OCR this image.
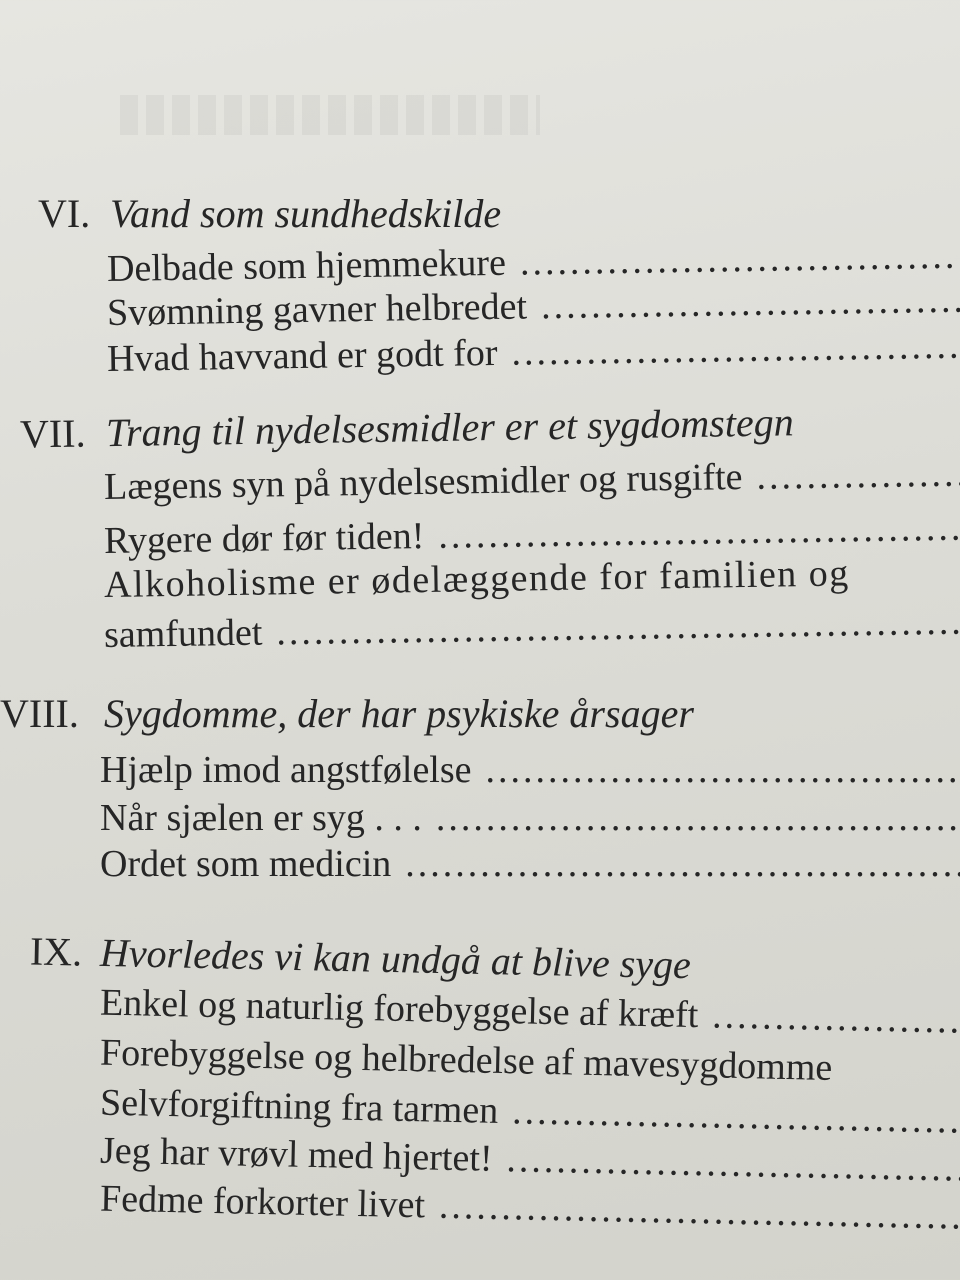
VI. Vand som sundhedskilde
Delbade som hjemmekure
.....
Svømning gavner helbredet
.....
Hvad havvand er godt for
.....
VII. Trang til nydelsesmidler er et sygdomstegn
Lægens syn på nydelsesmidler og rusgifte
.....
Rygere dør før tiden!
.....
Alkoholisme er ødelæggende for familien og
samfundet
.....
VIII. Sygdomme, der har psykiske årsager
Hjælp imod angstfølelse
.....
Når sjælen er syg . . .
.....
Ordet som medicin
.....
IX. Hvorledes vi kan undgå at blive syge
Enkel og naturlig forebyggelse af kræft
.....
Forebyggelse og helbredelse af mavesygdomme
Selvforgiftning fra tarmen
.....
Jeg har vrøvl med hjertet!
.....
Fedme forkorter livet
.....
